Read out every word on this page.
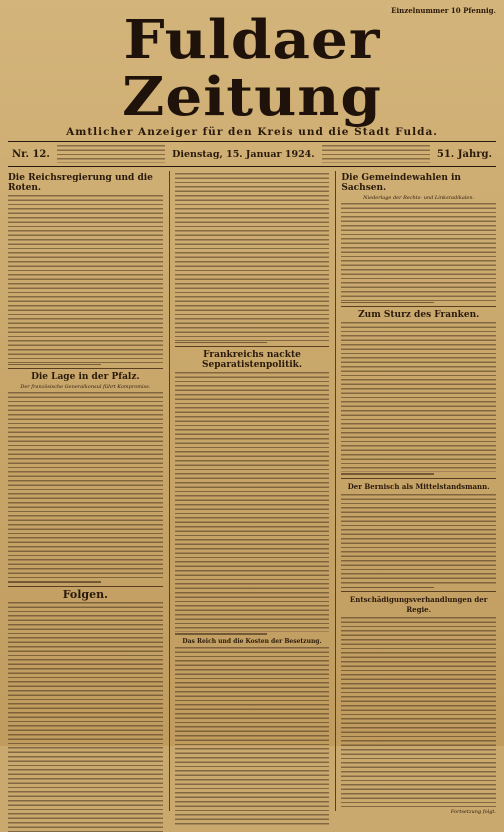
Einzelnummer 10 Pfennig.
Fuldaer Zeitung
Amtlicher Anzeiger für den Kreis und die Stadt Fulda.
Nr. 12.	Dienstag, 15. Januar 1924.	51. Jahrg.
Die Reichsregierung und die Roten.
Die Lage in der Pfalz.
Der französische Generalkonsul führt Kompromiss.
Folgen.
Frankreichs nackte Separatistenpolitik.
Das Reich und die Kosten der Besetzung.
Die Gemeindewahlen in Sachsen.
Niederlage der Rechts- und Linksradikalen.
Zum Sturz des Franken.
Der Bernisch als Mittelstandsmann.
Entschädigungsverhandlungen der Regie.
Fortsetzung folgt.
